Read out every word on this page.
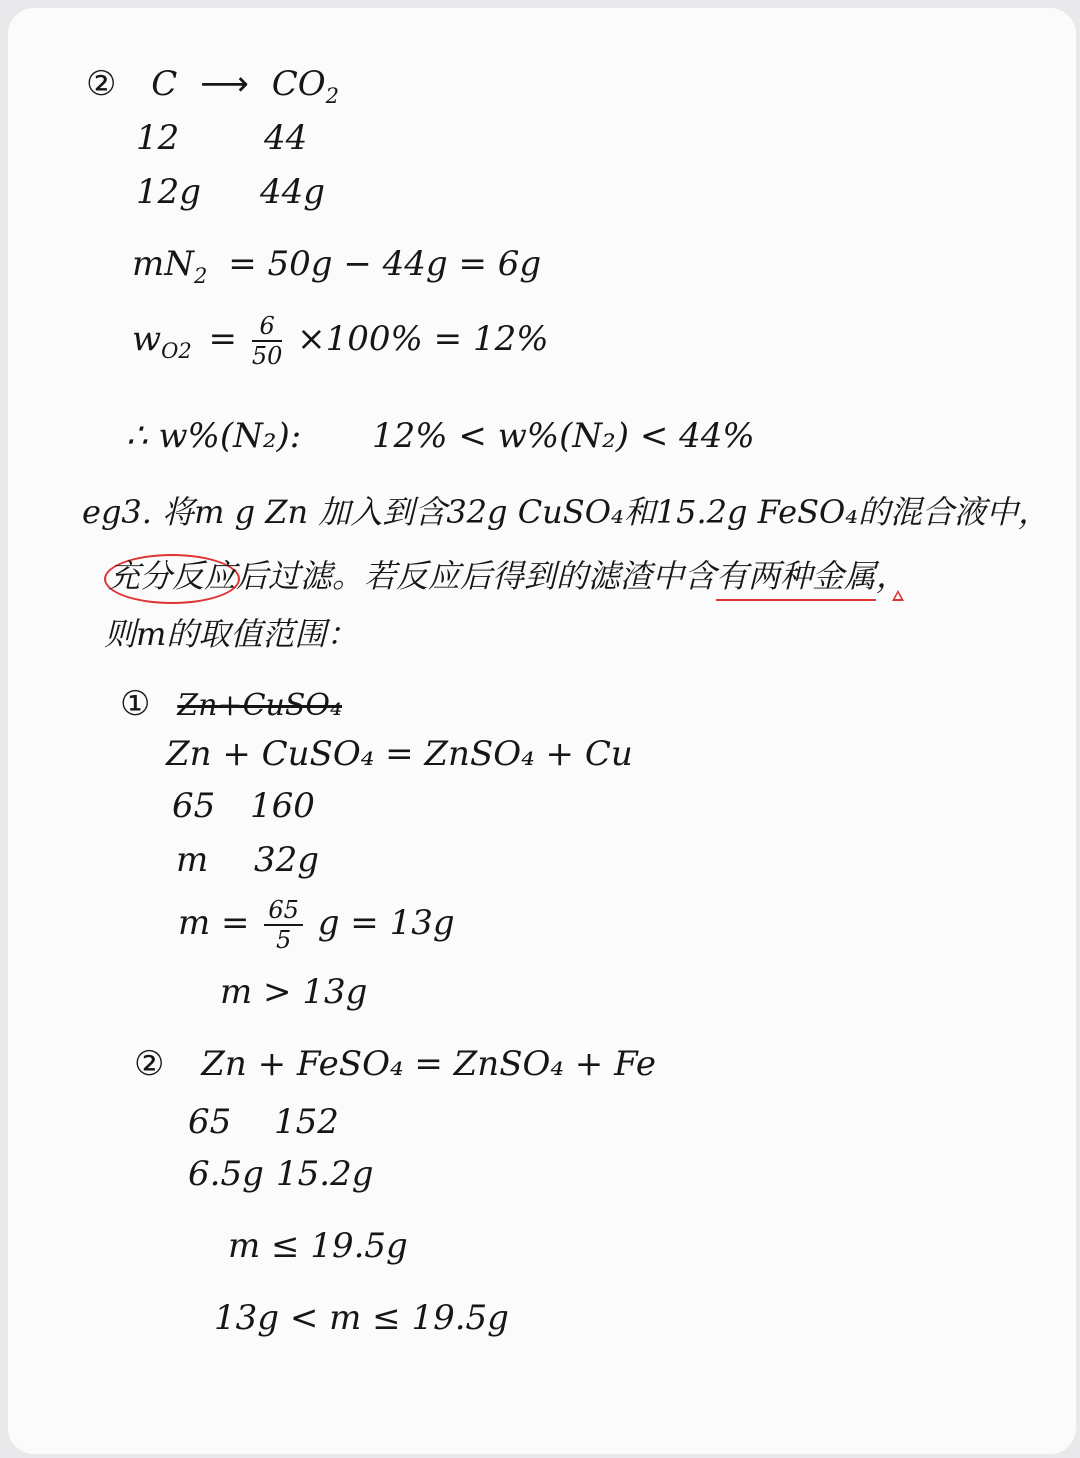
② C ⟶ $CO_2$
12 44
12g 44g
$mN_2 = 50g - 44g = 6g$
$w_{O2} = \frac{6}{50} \times 100\% = 12\%$
∴ w%(N₂): 12% < w%(N₂) < 44%
eg3. 将m g Zn 加入到含32g CuSO₄和15.2g FeSO₄的混合液中，
充分反应后过滤。若反应后得到的滤渣中含有两种金属，
则m的取值范围：
① Zn+CuSO₄
Zn + CuSO₄ = ZnSO₄ + Cu
65 160
m 32g
$m = \frac{65}{5}$ g = 13g
m > 13g
② Zn + FeSO₄ = ZnSO₄ + Fe
65 152
6.5g 15.2g
m ≤ 19.5g
13g < m ≤ 19.5g
